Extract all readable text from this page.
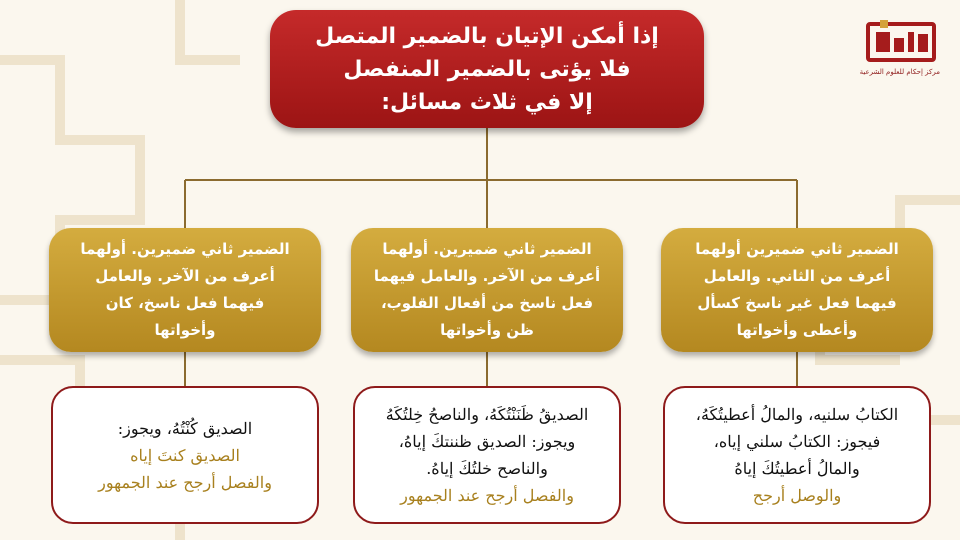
مركز إحكام للعلوم الشرعية
إذا أمكن الإتيان بالضمير المتصل
فلا يؤتى بالضمير المنفصل
إلا في ثلاث مسائل:
الضمير ثاني ضميرين أولهما
أعرف من الثاني. والعامل
فيهما فعل غير ناسخ كسأل
وأعطى وأخواتها
الضمير ثاني ضميرين. أولهما
أعرف من الآخر. والعامل فيهما
فعل ناسخ من أفعال القلوب،
ظن وأخواتها
الضمير ثاني ضميرين. أولهما
أعرف من الآخر. والعامل
فيهما فعل ناسخ، كان
وأخواتها
الكتابُ سلنيه، والمالُ أعطيتُكَهُ،
فيجوز: الكتابُ سلني إياه،
والمالُ أعطيتُكَ إياهُ
والوصل أرجح
الصديقُ ظَنَنْتُكَهُ، والناصحُ خِلتُكَهُ
ويجوز: الصديق ظننتكَ إياهُ،
والناصح خلتُكَ إياهُ.
والفصل أرجح عند الجمهور
الصديق كُنْتُهُ، ويجوز:
الصديق كنتَ إياه
والفصل أرجح عند الجمهور
